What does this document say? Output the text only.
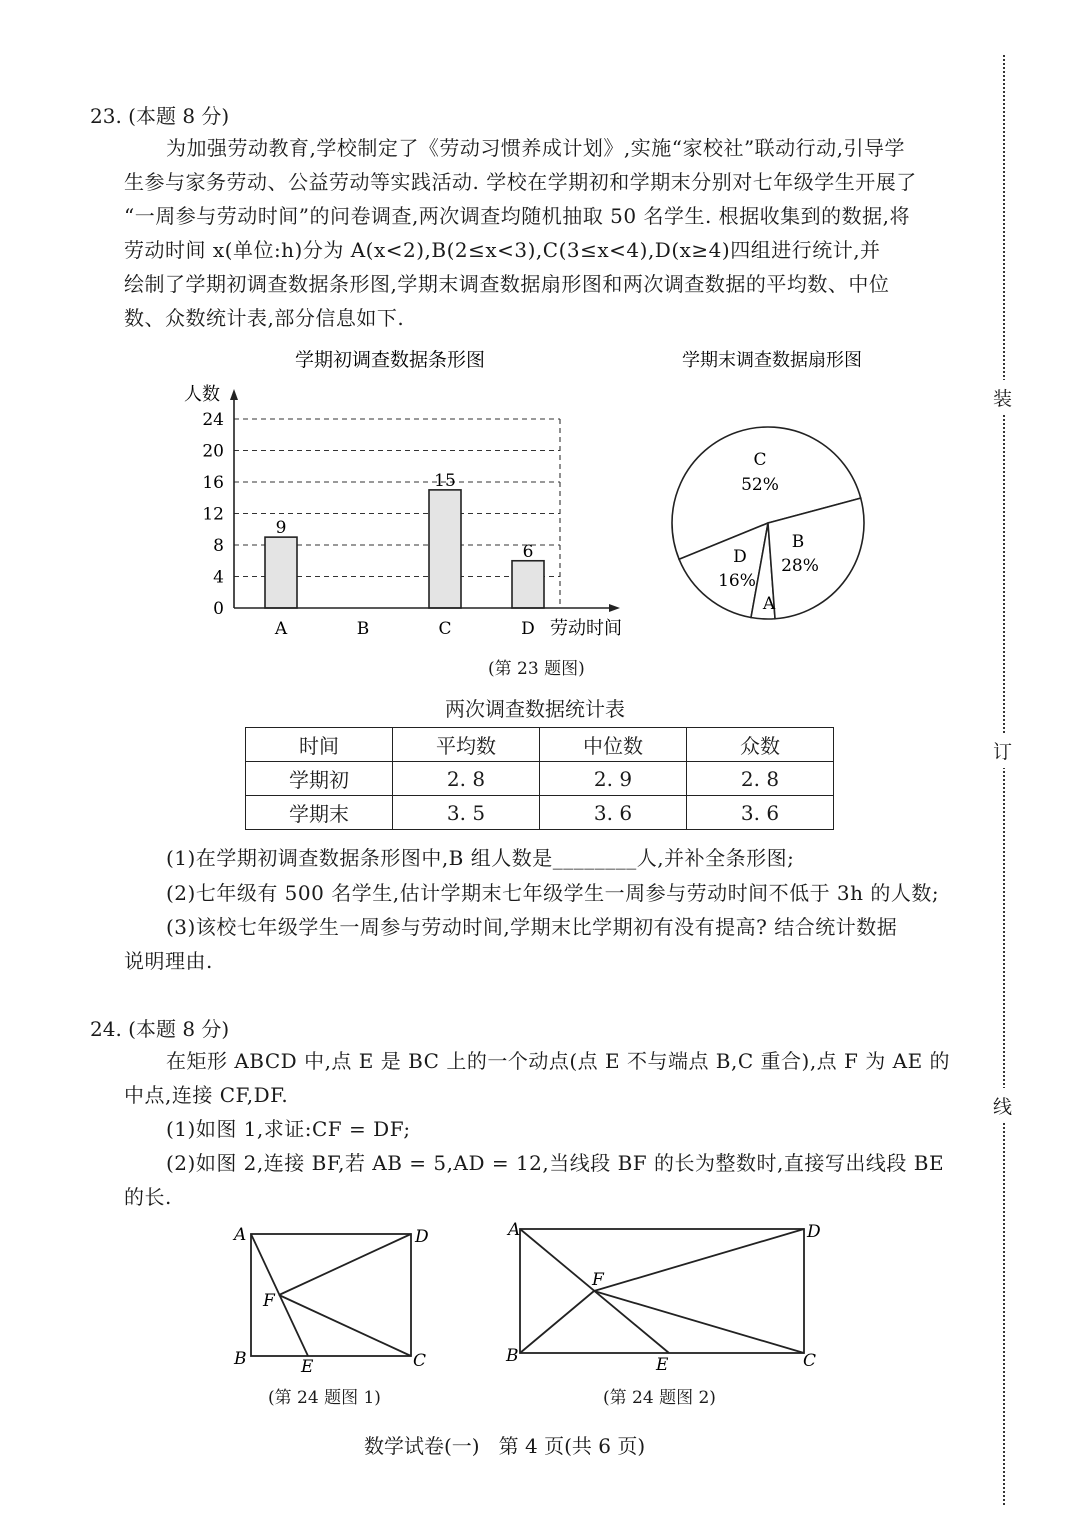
装
订
线
23. (本题 8 分)
为加强劳动教育,学校制定了《劳动习惯养成计划》,实施“家校社”联动行动,引导学
生参与家务劳动、公益劳动等实践活动. 学校在学期初和学期末分别对七年级学生开展了
“一周参与劳动时间”的问卷调查,两次调查均随机抽取 50 名学生. 根据收集到的数据,将
劳动时间 x(单位:h)分为 A(x<2),B(2≤x<3),C(3≤x<4),D(x≥4)四组进行统计,并
绘制了学期初调查数据条形图,学期末调查数据扇形图和两次调查数据的平均数、中位
数、众数统计表,部分信息如下.
学期初调查数据条形图
人数
0
4
8
12
16
20
24
9
15
6
A	B	C	D 劳动时间
学期末调查数据扇形图
C
52%
D
16%
A
B
28%
(第 23 题图)
两次调查数据统计表
时间	平均数	中位数	众数
学期初	2. 8	2. 9	2. 8
学期末	3. 5	3. 6	3. 6
(1)在学期初调查数据条形图中,B 组人数是________人,并补全条形图;
(2)七年级有 500 名学生,估计学期末七年级学生一周参与劳动时间不低于 3h 的人数;
(3)该校七年级学生一周参与劳动时间,学期末比学期初有没有提高? 结合统计数据
说明理由.
24. (本题 8 分)
在矩形 ABCD 中,点 E 是 BC 上的一个动点(点 E 不与端点 B,C 重合),点 F 为 AE 的
中点,连接 CF,DF.
(1)如图 1,求证:CF = DF;
(2)如图 2,连接 BF,若 AB = 5,AD = 12,当线段 BF 的长为整数时,直接写出线段 BE
的长.
A	D
F
B	E	C
(第 24 题图 1)
A	D
F
B	E	C
(第 24 题图 2)
数学试卷(一)   第 4 页(共 6 页)
